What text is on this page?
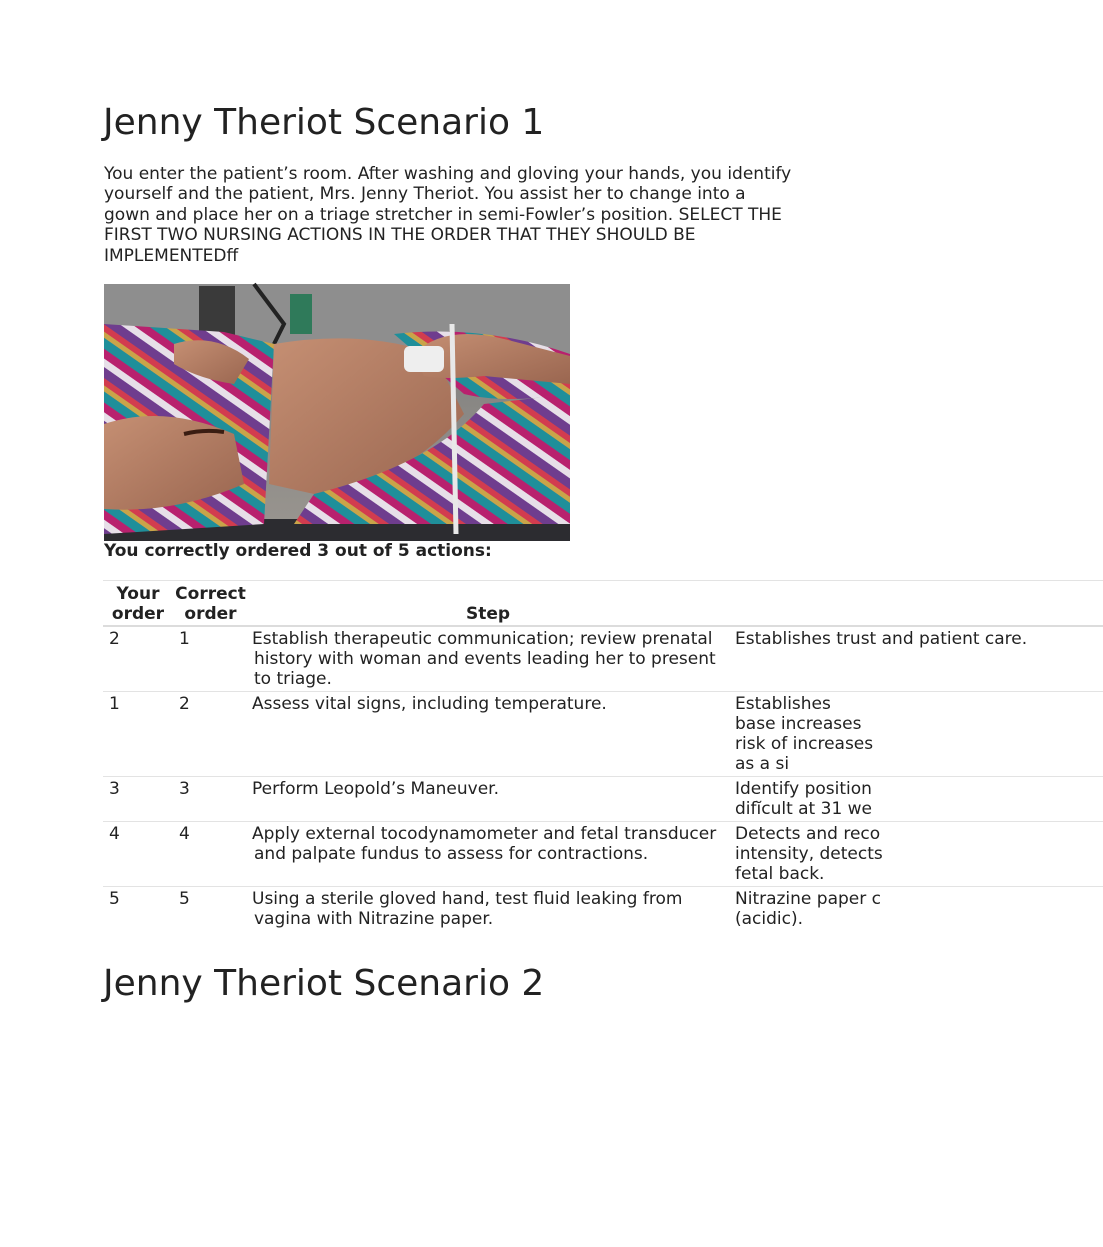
Jenny Theriot Scenario 1

You enter the patient’s room. After washing and gloving your hands, you identify yourself and the patient, Mrs. Jenny Theriot. You assist her to change into a gown and place her on a triage stretcher in semi-Fowler’s position. SELECT THE FIRST TWO NURSING ACTIONS IN THE ORDER THAT THEY SHOULD BE IMPLEMENTEDff

You correctly ordered 3 out of 5 actions:

Your order	Correct order	Step	
2	1	Establish therapeutic communication; review prenatal history with woman and events leading her to present to triage.	Establishes trust and patient care.
1	2	Assess vital signs, including temperature.	Establishes base increases risk of increases as a si

3	3	Perform Leopold’s Maneuver.	Identify position difĭcult at 31 we

4	4	Apply external tocodynamometer and fetal transducer and palpate fundus to assess for contractions.	Detects and reco intensity, detects fetal back.

5	5	Using a sterile gloved hand, test fluid leaking from vagina with Nitrazine paper.	Nitrazine paper c (acidic).
Jenny Theriot Scenario 2
